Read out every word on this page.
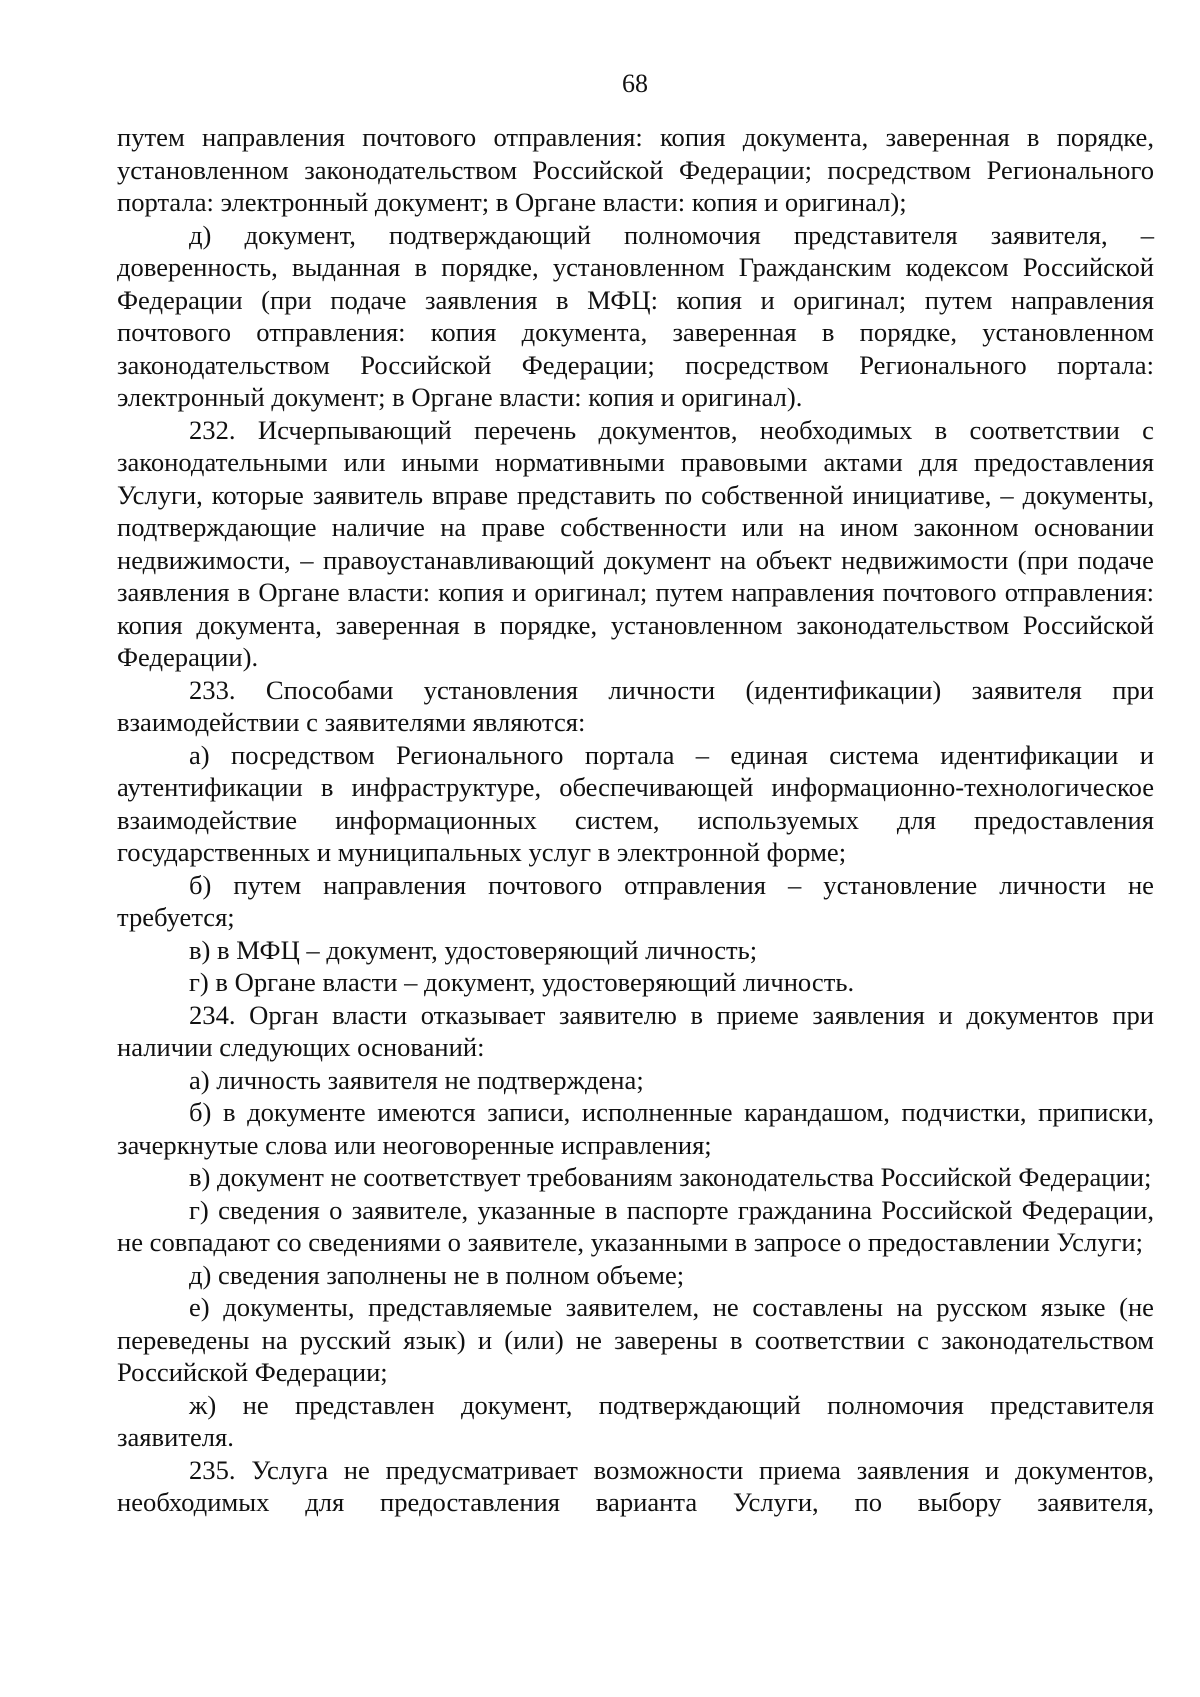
68

путем направления почтового отправления: копия документа, заверенная в порядке, установленном законодательством Российской Федерации; посредством Регионального портала: электронный документ; в Органе власти: копия и оригинал);

д) документ, подтверждающий полномочия представителя заявителя, – доверенность, выданная в порядке, установленном Гражданским кодексом Российской Федерации (при подаче заявления в МФЦ: копия и оригинал; путем направления почтового отправления: копия документа, заверенная в порядке, установленном законодательством Российской Федерации; посредством Регионального портала: электронный документ; в Органе власти: копия и оригинал).

232. Исчерпывающий перечень документов, необходимых в соответствии с законодательными или иными нормативными правовыми актами для предоставления Услуги, которые заявитель вправе представить по собственной инициативе, – документы, подтверждающие наличие на праве собственности или на ином законном основании недвижимости, – правоустанавливающий документ на объект недвижимости (при подаче заявления в Органе власти: копия и оригинал; путем направления почтового отправления: копия документа, заверенная в порядке, установленном законодательством Российской Федерации).

233. Способами установления личности (идентификации) заявителя при взаимодействии с заявителями являются:

а) посредством Регионального портала – единая система идентификации и аутентификации в инфраструктуре, обеспечивающей информационно-технологическое взаимодействие информационных систем, используемых для предоставления государственных и муниципальных услуг в электронной форме;

б) путем направления почтового отправления – установление личности не требуется;

в) в МФЦ – документ, удостоверяющий личность;

г) в Органе власти – документ, удостоверяющий личность.

234. Орган власти отказывает заявителю в приеме заявления и документов при наличии следующих оснований:

а) личность заявителя не подтверждена;

б) в документе имеются записи, исполненные карандашом, подчистки, приписки, зачеркнутые слова или неоговоренные исправления;

в) документ не соответствует требованиям законодательства Российской Федерации;

г) сведения о заявителе, указанные в паспорте гражданина Российской Федерации, не совпадают со сведениями о заявителе, указанными в запросе о предоставлении Услуги;

д) сведения заполнены не в полном объеме;

е) документы, представляемые заявителем, не составлены на русском языке (не переведены на русский язык) и (или) не заверены в соответствии с законодательством Российской Федерации;

ж) не представлен документ, подтверждающий полномочия представителя заявителя.

235. Услуга не предусматривает возможности приема заявления и документов, необходимых для предоставления варианта Услуги, по выбору заявителя,
